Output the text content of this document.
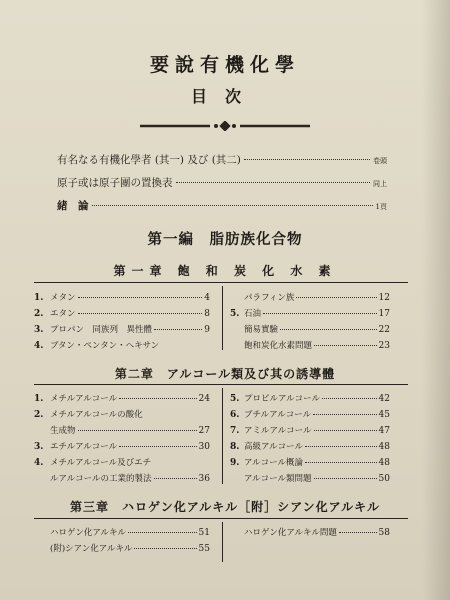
要說有機化學
目次
有名なる有機化學者 (其一) 及び (其二)	卷頭
原子或は原子團の置換表	同上
緒　論	1頁
第一編　脂肪族化合物
第一章 飽 和 炭 化 水 素
1. メタン	4
2. エタン	8
3. プロパン　同族列　異性體	9
4. ブタン・ペンタン・ヘキサン
パラフィン族	12
5. 石油	17
簡易實驗	22
飽和炭化水素問題	23
第二章　アルコール類及び其の誘導體
1. メチルアルコール	24
2. メチルアルコールの酸化
生成物	27
3. エチルアルコール	30
4. メチルアルコール及びエチ
ルアルコールの工業的製法	36
5. プロピルアルコール	42
6. ブチルアルコール	45
7. アミルアルコール	47
8. 高級アルコール	48
9. アルコール概論	48
アルコール類問題	50
第三章　ハロゲン化アルキル［附］シアン化アルキル
ハロゲン化アルキル	51
(附)シアン化アルキル	55
ハロゲン化アルキル問題	58
